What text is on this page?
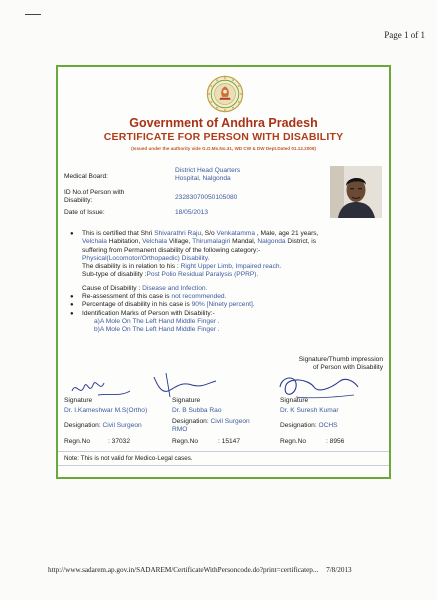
Page 1 of 1
Government of Andhra Pradesh
CERTIFICATE FOR PERSON WITH DISABILITY
(Issued under the authority vide G.O.Ms.No.31, WD CW & DW Dept.Dated 01.12.2009)
Medical Board:
District Head Quarters
Hospital, Nalgonda
ID No.of Person with
Disability:	23283070050105080
Date of Issue:	18/05/2013
● This is certified that Shri Shivarathri Raju, S/o Venkatamma , Male, age 21 years,
Velchala Habitation, Velchala Village, Thirumalagiri Mandal, Nalgonda District, is
suffering from Permanent disability of the following category:-
Physical(Locomotor/Orthopaedic) Disability.
The disability is in relation to his : Right Upper Limb, Impaired reach.
Sub-type of disability :Post Polio Residual Paralysis (PPRP).
Cause of Disability : Disease and Infection.
● Re-assessment of this case is not recommended.
● Percentage of disability in his case is 90% [Ninety percent].
● Identification Marks of Person with Disability:-
a)A Mole On The Left Hand Middle Finger .
b)A Mole On The Left Hand Middle Finger .
Signature/Thumb impression
of Person with Disability
Signature
Dr. I.Kameshwar M.S(Ortho)
Designation: Civil Surgeon
Regn.No	: 37032
Signature
Dr. B Subba Rao
Designation: Civil Surgeon
RMO
Regn.No	: 15147
Signature
Dr. K Suresh Kumar
Designation: OCHS
Regn.No	: 8956
Note: This is not valid for Medico-Legal cases.
http://www.sadarem.ap.gov.in/SADAREM/CertificateWithPersoncode.do?print=certificatep... 7/8/2013
